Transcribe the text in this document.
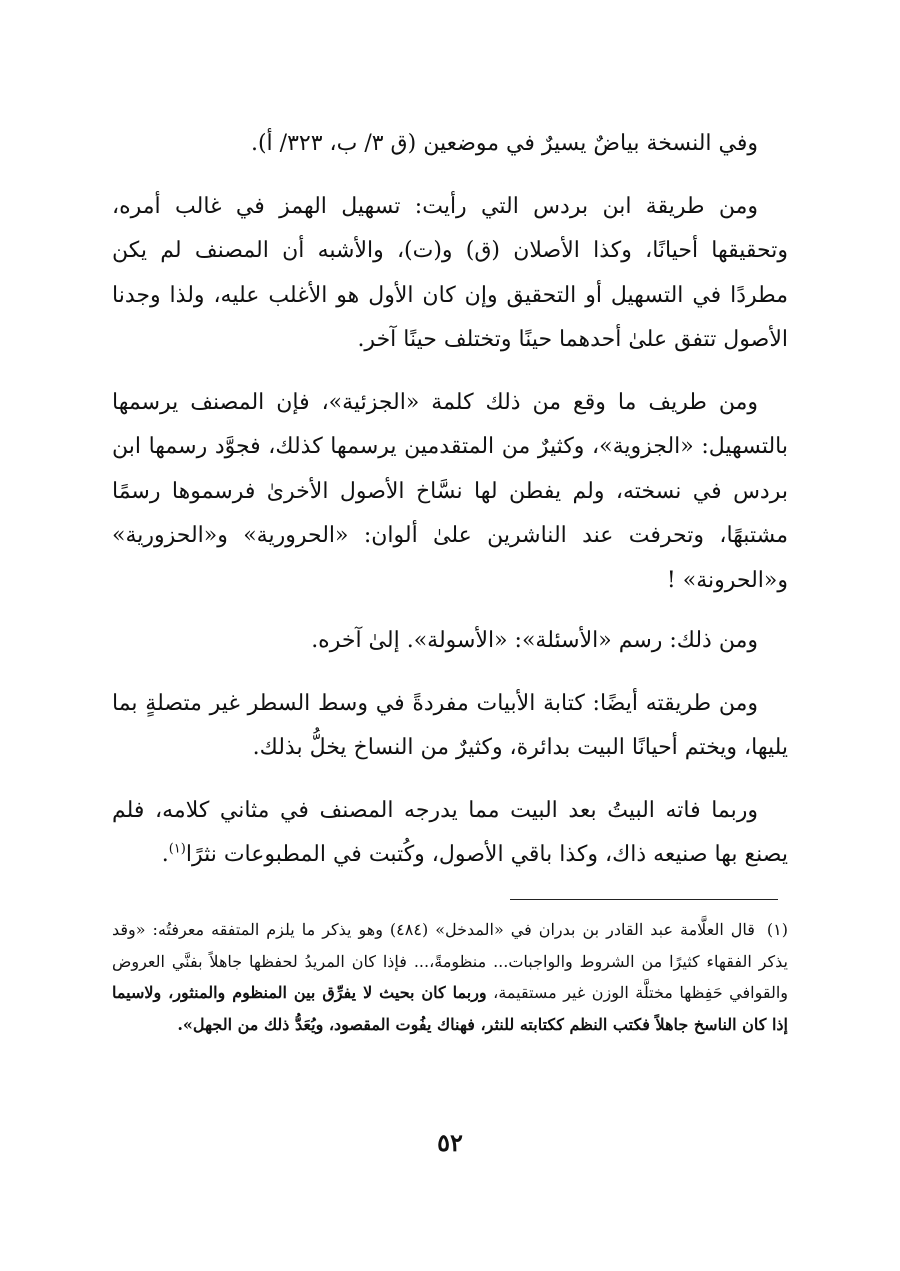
وفي النسخة بياضٌ يسيرٌ في موضعين (ق ٣/ ب، ٣٢٣/ أ).

ومن طريقة ابن بردس التي رأيت: تسهيل الهمز في غالب أمره، وتحقيقها أحيانًا، وكذا الأصلان (ق) و(ت)، والأشبه أن المصنف لم يكن مطردًا في التسهيل أو التحقيق وإن كان الأول هو الأغلب عليه، ولذا وجدنا الأصول تتفق علىٰ أحدهما حينًا وتختلف حينًا آخر.

ومن طريف ما وقع من ذلك كلمة «الجزئية»، فإن المصنف يرسمها بالتسهيل: «الجزوية»، وكثيرٌ من المتقدمين يرسمها كذلك، فجوَّد رسمها ابن بردس في نسخته، ولم يفطن لها نسَّاخ الأصول الأخرىٰ فرسموها رسمًا مشتبهًا، وتحرفت عند الناشرين علىٰ ألوان: «الحرورية» و«الحزورية» و«الحرونة» !

ومن ذلك: رسم «الأسئلة»: «الأسولة». إلىٰ آخره.

ومن طريقته أيضًا: كتابة الأبيات مفردةً في وسط السطر غير متصلةٍ بما يليها، ويختم أحيانًا البيت بدائرة، وكثيرٌ من النساخ يخلُّ بذلك.

وربما فاته البيتُ بعد البيت مما يدرجه المصنف في مثاني كلامه، فلم يصنع بها صنيعه ذاك، وكذا باقي الأصول، وكُتبت في المطبوعات نثرًا$^{(١)}$.

(١)قال العلَّامة عبد القادر بن بدران في «المدخل» (٤٨٤) وهو يذكر ما يلزم المتفقه معرفتُه: «وقد يذكر الفقهاء كثيرًا من الشروط والواجبات... منظومةً،... فإذا كان المريدُ لحفظها جاهلاً بفنَّي العروض والقوافي حَفِظها مختلَّة الوزن غير مستقيمة، وربما كان بحيث لا يفرِّق بين المنظوم والمنثور، ولاسيما إذا كان الناسخ جاهلاً فكتب النظم ككتابته للنثر، فهناك يفُوت المقصود، ويُعَدُّ ذلك من الجهل».
٥٢
